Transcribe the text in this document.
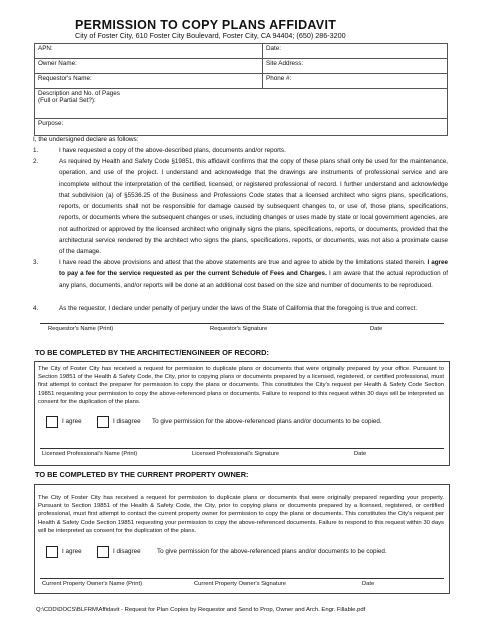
PERMISSION TO COPY PLANS AFFIDAVIT
City of Foster City, 610 Foster City Boulevard, Foster City, CA 94404; (650) 286-3200
APN:	Date:
Owner Name:	Site Address:
Requestor's Name:	Phone #:

Description and No. of Pages
(Full or Partial Set?):	

Purpose:	
I, the undersigned declare as follows:
1.	I have requested a copy of the above-described plans, documents and/or reports.
2.	As required by Health and Safety Code §19851, this affidavit confirms that the copy of these plans shall only be used for the maintenance, operation, and use of the project. I understand and acknowledge that the drawings are instruments of professional service and are incomplete without the interpretation of the certified, licensed, or registered professional of record. I further understand and acknowledge that subdivision (a) of §5536.25 of the Business and Professions Code states that a licensed architect who signs plans, specifications, reports, or documents shall not be responsible for damage caused by subsequent changes to, or use of, those plans, specifications, reports, or documents where the subsequent changes or uses, including changes or uses made by state or local government agencies, are not authorized or approved by the licensed architect who originally signs the plans, specifications, reports, or documents, provided that the architectural service rendered by the architect who signs the plans, specifications, reports, or documents, was not also a proximate cause of the damage.
3.	I have read the above provisions and attest that the above statements are true and agree to abide by the limitations stated therein. I agree to pay a fee for the service requested as per the current Schedule of Fees and Charges. I am aware that the actual reproduction of any plans, documents, and/or reports will be done at an additional cost based on the size and number of documents to be reproduced.
4.	As the requestor, I declare under penalty of perjury under the laws of the State of California that the foregoing is true and correct.
Requestor's Name (Print)	Requestor's Signature	Date
TO BE COMPLETED BY THE ARCHITECT/ENGINEER OF RECORD:
The City of Foster City has received a request for permission to duplicate plans or documents that were originally prepared by your office. Pursuant to Section 19851 of the Health & Safety Code, the City, prior to copying plans or documents prepared by a licensed, registered, or certified professional, must first attempt to contact the preparer for permission to copy the plans or documents. This constitutes the City's request per Health & Safety Code Section 19851 requesting your permission to copy the above-referenced plans or documents. Failure to respond to this request within 30 days will be interpreted as consent for the duplication of the plans.
I agree	I disagree To give permission for the above-referenced plans and/or documents to be copied.
Licensed Professional's Name (Print)	Licensed Professional's Signature	Date
TO BE COMPLETED BY THE CURRENT PROPERTY OWNER:
The City of Foster City has received a request for permission to duplicate plans or documents that were originally prepared regarding your property. Pursuant to Section 19851 of the Health & Safety Code, the City, prior to copying plans or documents prepared by a licensed, registered, or certified professional, must first attempt to contact the current property owner for permission to copy the plans or documents. This constitutes the City's request per Health & Safety Code Section 19851 requesting your permission to copy the above-referenced documents. Failure to respond to this request within 30 days will be interpreted as consent for the duplication of the plans.
I agree	I disagree	To give permission for the above-referenced plans and/or documents to be copied.
Current Property Owner's Name (Print)	Current Property Owner's Signature	Date
Q:\CDD\DOCS\BLFRM\Affidavit - Request for Plan Copies by Requestor and Send to Prop, Owner and Arch. Engr. Fillable.pdf
